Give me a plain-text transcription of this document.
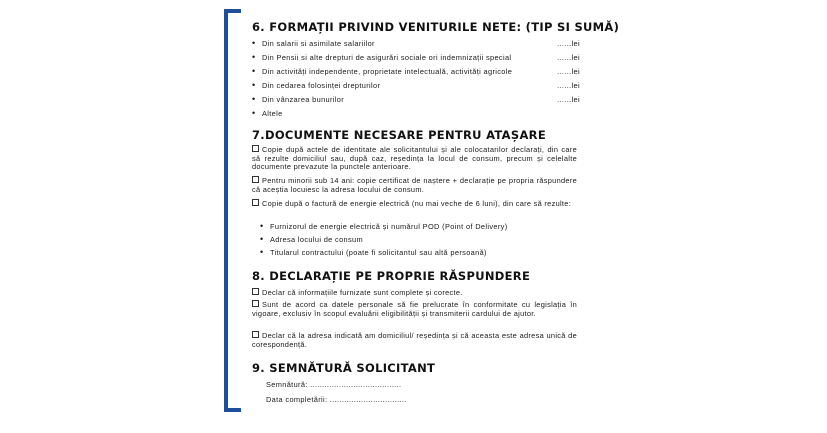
6. FORMAȚII PRIVIND VENITURILE NETE: (TIP SI SUMĂ)
• Din salarii si asimilate salariilor	......lei
• Din Pensii si alte drepturi de asigurări sociale ori indemnizații special	......lei
• Din activități independente, proprietate intelectuală, activități agricole	......lei
• Din cedarea folosinței drepturilor	......lei
• Din vânzarea bunurilor	......lei
• Altele
7.DOCUMENTE NECESARE PENTRU ATAȘARE
Copie după actele de identitate ale solicitantului și ale colocatarilor declarați, din care să rezulte domiciliul sau, după caz, reședința la locul de consum, precum și celelalte documente prevazute la punctele anterioare.
Pentru minorii sub 14 ani: copie certificat de naștere + declarație pe propria răspundere că aceștia locuiesc la adresa locului de consum.
Copie după o factură de energie electrică (nu mai veche de 6 luni), din care să rezulte:
• Furnizorul de energie electrică și numărul POD (Point of Delivery)
• Adresa locului de consum
• Titularul contractului (poate fi solicitantul sau altă persoană)
8. DECLARAȚIE PE PROPRIE RĂSPUNDERE
Declar că informațiile furnizate sunt complete și corecte.
Sunt de acord ca datele personale să fie prelucrate în conformitate cu legislația în vigoare, exclusiv în scopul evaluării eligibilității și transmiterii cardului de ajutor.
Declar că la adresa indicată am domiciliul/ reședința și că aceasta este adresa unică de corespondență.
9. SEMNĂTURĂ SOLICITANT
Semnătură: ......................................
Data completării: ................................
